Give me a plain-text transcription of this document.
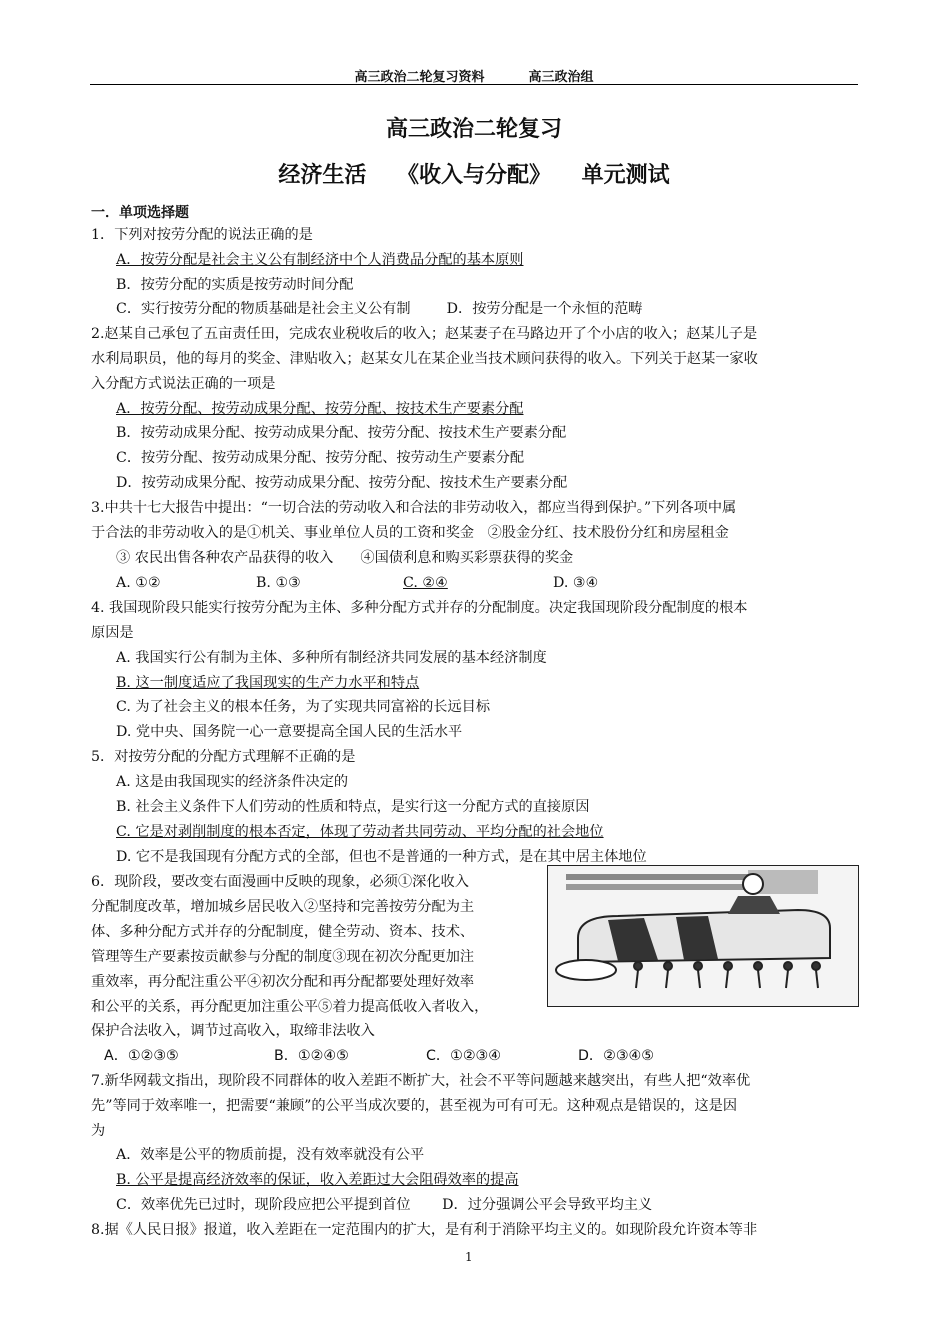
高三政治二轮复习资料	高三政治组
高三政治二轮复习
经济生活    《收入与分配》    单元测试
一．单项选择题
1．下列对按劳分配的说法正确的是
A．按劳分配是社会主义公有制经济中个人消费品分配的基本原则
B．按劳分配的实质是按劳动时间分配
C．实行按劳分配的物质基础是社会主义公有制        D．按劳分配是一个永恒的范畴
2.赵某自己承包了五亩责任田，完成农业税收后的收入；赵某妻子在马路边开了个小店的收入；赵某儿子是
水利局职员，他的每月的奖金、津贴收入；赵某女儿在某企业当技术顾问获得的收入。下列关于赵某一家收
入分配方式说法正确的一项是
A．按劳分配、按劳动成果分配、按劳分配、按技术生产要素分配
B．按劳动成果分配、按劳动成果分配、按劳分配、按技术生产要素分配
C．按劳分配、按劳动成果分配、按劳分配、按劳动生产要素分配
D．按劳动成果分配、按劳动成果分配、按劳分配、按技术生产要素分配
3.中共十七大报告中提出：“一切合法的劳动收入和合法的非劳动收入，都应当得到保护。”下列各项中属
于合法的非劳动收入的是①机关、事业单位人员的工资和奖金   ②股金分红、技术股份分红和房屋租金
③ 农民出售各种农产品获得的收入      ④国债利息和购买彩票获得的奖金
A. ①②	B. ①③	C. ②④	D. ③④
4. 我国现阶段只能实行按劳分配为主体、多种分配方式并存的分配制度。决定我国现阶段分配制度的根本
原因是
A. 我国实行公有制为主体、多种所有制经济共同发展的基本经济制度
B. 这一制度适应了我国现实的生产力水平和特点
C. 为了社会主义的根本任务，为了实现共同富裕的长远目标
D. 党中央、国务院一心一意要提高全国人民的生活水平
5．对按劳分配的分配方式理解不正确的是
A. 这是由我国现实的经济条件决定的
B. 社会主义条件下人们劳动的性质和特点，是实行这一分配方式的直接原因
C. 它是对剥削制度的根本否定，体现了劳动者共同劳动、平均分配的社会地位
D. 它不是我国现有分配方式的全部，但也不是普通的一种方式，是在其中居主体地位
6．现阶段，要改变右面漫画中反映的现象，必须①深化收入
分配制度改革，增加城乡居民收入②坚持和完善按劳分配为主
体、多种分配方式并存的分配制度，健全劳动、资本、技术、
管理等生产要素按贡献参与分配的制度③现在初次分配更加注
重效率，再分配注重公平④初次分配和再分配都要处理好效率
和公平的关系，再分配更加注重公平⑤着力提高低收入者收入，
保护合法收入，调节过高收入，取缔非法收入
A．①②③⑤	B．①②④⑤	C．①②③④	D．②③④⑤
7.新华网载文指出，现阶段不同群体的收入差距不断扩大，社会不平等问题越来越突出，有些人把“效率优
先”等同于效率唯一，把需要“兼顾”的公平当成次要的，甚至视为可有可无。这种观点是错误的，这是因
为
A．效率是公平的物质前提，没有效率就没有公平
B. 公平是提高经济效率的保证，收入差距过大会阻碍效率的提高
C．效率优先已过时，现阶段应把公平提到首位       D．过分强调公平会导致平均主义
8.据《人民日报》报道，收入差距在一定范围内的扩大，是有利于消除平均主义的。如现阶段允许资本等非
1
